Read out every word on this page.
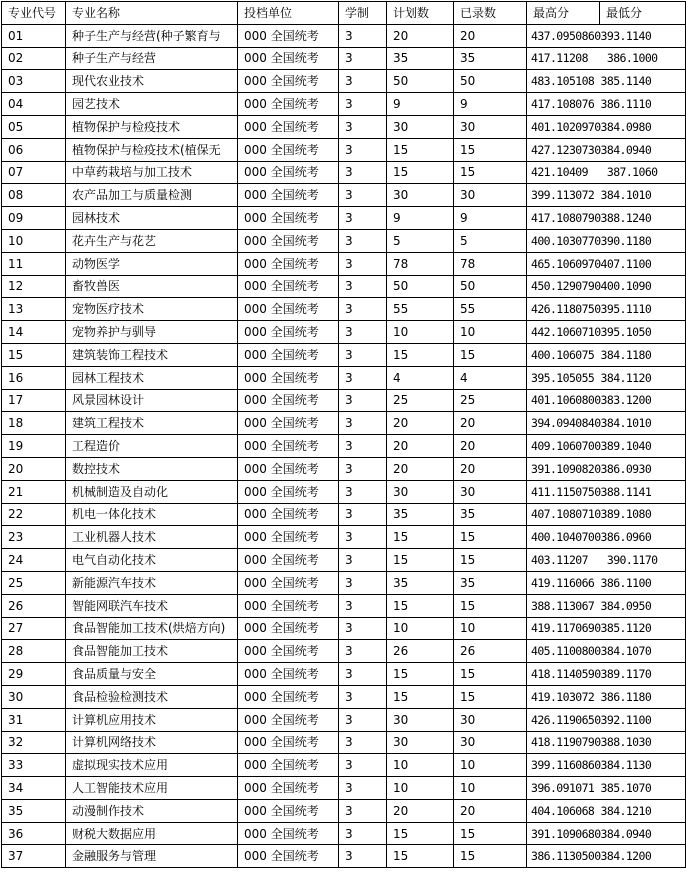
专业代号	专业名称	投档单位	学制	计划数	已录数	最高分	最低分
01	种子生产与经营(种子繁育与	000 全国统考	3	20	20	437.0950860393.1140	
02	种子生产与经营	000 全国统考	3	35	35	417.11208   386.1000	
03	现代农业技术	000 全国统考	3	50	50	483.105108 385.1140	
04	园艺技术	000 全国统考	3	9	9	417.108076 386.1110	
05	植物保护与检疫技术	000 全国统考	3	30	30	401.1020970384.0980	
06	植物保护与检疫技术(植保无	000 全国统考	3	15	15	427.1230730384.0940	
07	中草药栽培与加工技术	000 全国统考	3	15	15	421.10409   387.1060	
08	农产品加工与质量检测	000 全国统考	3	30	30	399.113072 384.1010	
09	园林技术	000 全国统考	3	9	9	417.1080790388.1240	
10	花卉生产与花艺	000 全国统考	3	5	5	400.1030770390.1180	
11	动物医学	000 全国统考	3	78	78	465.1060970407.1100	
12	畜牧兽医	000 全国统考	3	50	50	450.1290790400.1090	
13	宠物医疗技术	000 全国统考	3	55	55	426.1180750395.1110	
14	宠物养护与驯导	000 全国统考	3	10	10	442.1060710395.1050	
15	建筑装饰工程技术	000 全国统考	3	15	15	400.106075 384.1180	
16	园林工程技术	000 全国统考	3	4	4	395.105055 384.1120	
17	风景园林设计	000 全国统考	3	25	25	401.1060800383.1200	
18	建筑工程技术	000 全国统考	3	20	20	394.0940840384.1010	
19	工程造价	000 全国统考	3	20	20	409.1060700389.1040	
20	数控技术	000 全国统考	3	20	20	391.1090820386.0930	
21	机械制造及自动化	000 全国统考	3	30	30	411.1150750388.1141	
22	机电一体化技术	000 全国统考	3	35	35	407.1080710389.1080	
23	工业机器人技术	000 全国统考	3	15	15	400.1040700386.0960	
24	电气自动化技术	000 全国统考	3	15	15	403.11207   390.1170	
25	新能源汽车技术	000 全国统考	3	35	35	419.116066 386.1100	
26	智能网联汽车技术	000 全国统考	3	15	15	388.113067 384.0950	
27	食品智能加工技术(烘焙方向)	000 全国统考	3	10	10	419.1170690385.1120	
28	食品智能加工技术	000 全国统考	3	26	26	405.1100800384.1070	
29	食品质量与安全	000 全国统考	3	15	15	418.1140590389.1170	
30	食品检验检测技术	000 全国统考	3	15	15	419.103072 386.1180	
31	计算机应用技术	000 全国统考	3	30	30	426.1190650392.1100	
32	计算机网络技术	000 全国统考	3	30	30	418.1190790388.1030	
33	虚拟现实技术应用	000 全国统考	3	10	10	399.1160860384.1130	
34	人工智能技术应用	000 全国统考	3	10	10	396.091071 385.1070	
35	动漫制作技术	000 全国统考	3	20	20	404.106068 384.1210	
36	财税大数据应用	000 全国统考	3	15	15	391.1090680384.0940	
37	金融服务与管理	000 全国统考	3	15	15	386.1130500384.1200	
